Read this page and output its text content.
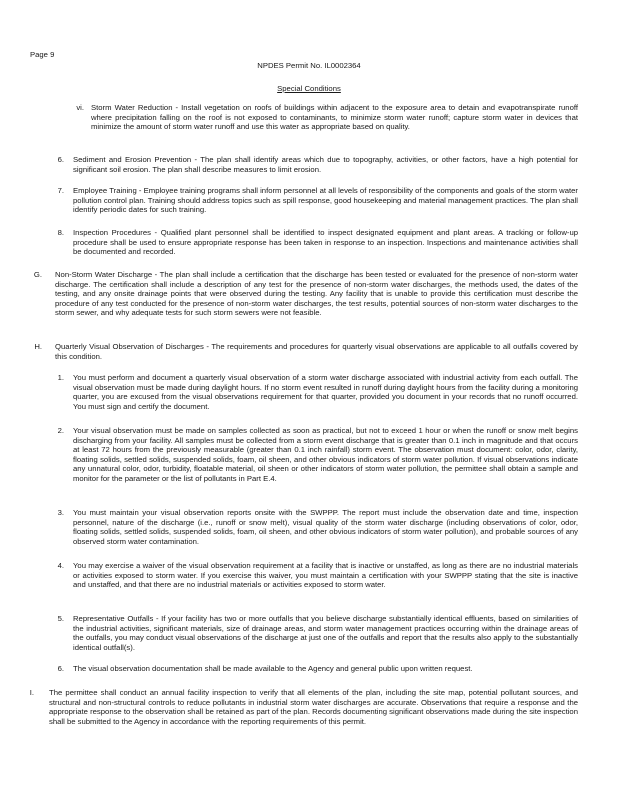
Page 9
NPDES Permit No. IL0002364
Special Conditions
vi. Storm Water Reduction - Install vegetation on roofs of buildings within adjacent to the exposure area to detain and evapotranspirate runoff where precipitation falling on the roof is not exposed to contaminants, to minimize storm water runoff; capture storm water in devices that minimize the amount of storm water runoff and use this water as appropriate based on quality.
6. Sediment and Erosion Prevention - The plan shall identify areas which due to topography, activities, or other factors, have a high potential for significant soil erosion. The plan shall describe measures to limit erosion.
7. Employee Training - Employee training programs shall inform personnel at all levels of responsibility of the components and goals of the storm water pollution control plan. Training should address topics such as spill response, good housekeeping and material management practices. The plan shall identify periodic dates for such training.
8. Inspection Procedures - Qualified plant personnel shall be identified to inspect designated equipment and plant areas. A tracking or follow-up procedure shall be used to ensure appropriate response has been taken in response to an inspection. Inspections and maintenance activities shall be documented and recorded.
G. Non-Storm Water Discharge - The plan shall include a certification that the discharge has been tested or evaluated for the presence of non-storm water discharge. The certification shall include a description of any test for the presence of non-storm water discharges, the methods used, the dates of the testing, and any onsite drainage points that were observed during the testing. Any facility that is unable to provide this certification must describe the procedure of any test conducted for the presence of non-storm water discharges, the test results, potential sources of non-storm water discharges to the storm sewer, and why adequate tests for such storm sewers were not feasible.
H. Quarterly Visual Observation of Discharges - The requirements and procedures for quarterly visual observations are applicable to all outfalls covered by this condition.
1. You must perform and document a quarterly visual observation of a storm water discharge associated with industrial activity from each outfall. The visual observation must be made during daylight hours. If no storm event resulted in runoff during daylight hours from the facility during a monitoring quarter, you are excused from the visual observations requirement for that quarter, provided you document in your records that no runoff occurred. You must sign and certify the document.
2. Your visual observation must be made on samples collected as soon as practical, but not to exceed 1 hour or when the runoff or snow melt begins discharging from your facility. All samples must be collected from a storm event discharge that is greater than 0.1 inch in magnitude and that occurs at least 72 hours from the previously measurable (greater than 0.1 inch rainfall) storm event. The observation must document: color, odor, clarity, floating solids, settled solids, suspended solids, foam, oil sheen, and other obvious indicators of storm water pollution. If visual observations indicate any unnatural color, odor, turbidity, floatable material, oil sheen or other indicators of storm water pollution, the permittee shall obtain a sample and monitor for the parameter or the list of pollutants in Part E.4.
3. You must maintain your visual observation reports onsite with the SWPPP. The report must include the observation date and time, inspection personnel, nature of the discharge (i.e., runoff or snow melt), visual quality of the storm water discharge (including observations of color, odor, floating solids, settled solids, suspended solids, foam, oil sheen, and other obvious indicators of storm water pollution), and probable sources of any observed storm water contamination.
4. You may exercise a waiver of the visual observation requirement at a facility that is inactive or unstaffed, as long as there are no industrial materials or activities exposed to storm water. If you exercise this waiver, you must maintain a certification with your SWPPP stating that the site is inactive and unstaffed, and that there are no industrial materials or activities exposed to storm water.
5. Representative Outfalls - If your facility has two or more outfalls that you believe discharge substantially identical effluents, based on similarities of the industrial activities, significant materials, size of drainage areas, and storm water management practices occurring within the drainage areas of the outfalls, you may conduct visual observations of the discharge at just one of the outfalls and report that the results also apply to the substantially identical outfall(s).
6. The visual observation documentation shall be made available to the Agency and general public upon written request.
I. The permittee shall conduct an annual facility inspection to verify that all elements of the plan, including the site map, potential pollutant sources, and structural and non-structural controls to reduce pollutants in industrial storm water discharges are accurate. Observations that require a response and the appropriate response to the observation shall be retained as part of the plan. Records documenting significant observations made during the site inspection shall be submitted to the Agency in accordance with the reporting requirements of this permit.
